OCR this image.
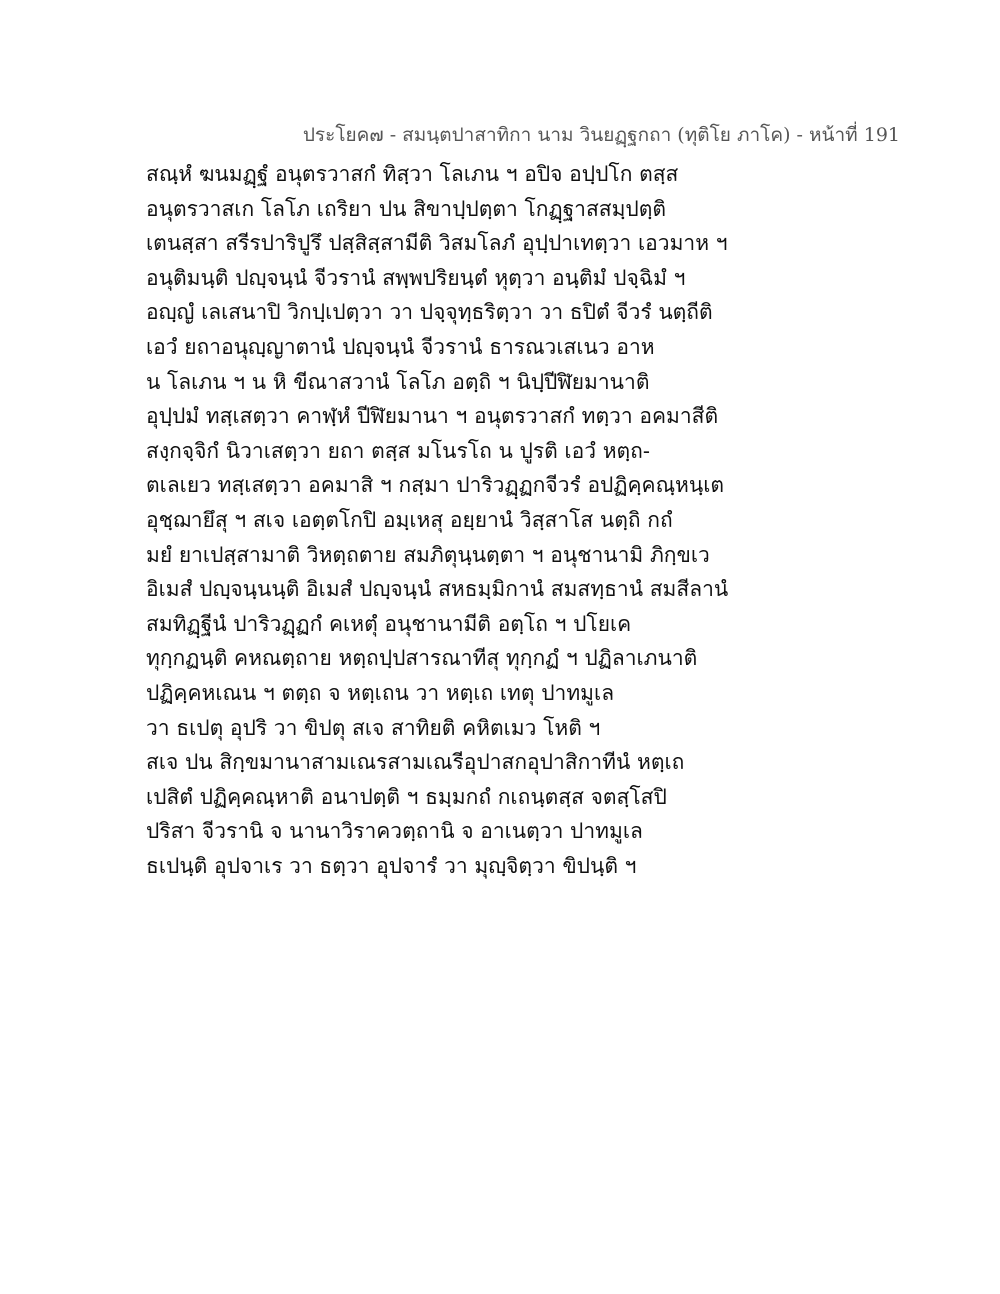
ประโยค๗ - สมนฺตปาสาทิกา นาม วินยฏฺฐกถา (ทุติโย ภาโค) - หน้าที่ 191
สณฺหํ ฆนมฏฺฐํ อนุตรวาสกํ ทิสฺวา โลเภน ฯ อปิจ อปฺปโก ตสฺส
อนุตรวาสเก โลโภ เถริยา ปน สิขาปฺปตฺตา โกฏฺฐาสสมฺปตฺติ
เตนสฺสา สรีรปาริปูรึ ปสฺสิสฺสามีติ วิสมโลภํ อุปฺปาเทตฺวา เอวมาห ฯ
อนุติมนฺติ ปญฺจนฺนํ จีวรานํ สพฺพปริยนฺตํ หุตฺวา อนฺติมํ ปจฺฉิมํ ฯ
อญฺญํ เลเสนาปิ วิกปฺเปตฺวา วา ปจฺจุทฺธริตฺวา วา ธปิตํ จีวรํ นตฺถีติ
เอวํ ยถาอนุญฺญาตานํ ปญฺจนฺนํ จีวรานํ ธารณวเสเนว อาห
น โลเภน ฯ น หิ ขีณาสวานํ โลโภ อตฺถิ ฯ นิปฺปีฬิยมานาติ
อุปฺปมํ ทสฺเสตฺวา คาฬฺหํ ปีฬิยมานา ฯ อนุตรวาสกํ ทตฺวา อคมาสีติ
สงฺกจฺจิกํ นิวาเสตฺวา ยถา ตสฺส มโนรโถ น ปูรติ เอวํ หตฺถ-
ตเลเยว ทสฺเสตฺวา อคมาสิ ฯ กสฺมา ปาริวฏฺฏกจีวรํ อปฏิคฺคณฺหนฺเต
อุชฺฌายึสุ ฯ สเจ เอตฺตโกปิ อมฺเหสุ อยฺยานํ วิสฺสาโส นตฺถิ กถํ
มยํ ยาเปสฺสามาติ วิหตฺถตาย สมภิตุนฺนตฺตา ฯ อนุชานามิ ภิกฺขเว
อิเมสํ ปญฺจนฺนนฺติ อิเมสํ ปญฺจนฺนํ สหธมฺมิกานํ สมสทฺธานํ สมสีลานํ
สมทิฏฺฐีนํ ปาริวฏฺฏกํ คเหตุํ อนุชานามีติ อตฺโถ ฯ ปโยเค
ทุกฺกฏนฺติ คหณตฺถาย หตฺถปฺปสารณาทีสุ ทุกฺกฏํ ฯ ปฏิลาเภนาติ
ปฏิคฺคหเณน ฯ ตตฺถ จ หตฺเถน วา หตฺเถ เทตุ ปาทมูเล
วา ธเปตุ อุปริ วา ขิปตุ สเจ สาทิยติ คหิตเมว โหติ ฯ
สเจ ปน สิกฺขมานาสามเณรสามเณรีอุปาสกอุปาสิกาทีนํ หตฺเถ
เปสิตํ ปฏิคฺคณฺหาติ อนาปตฺติ ฯ ธมฺมกถํ กเถนฺตสฺส จตสฺโสปิ
ปริสา จีวรานิ จ นานาวิราควตฺถานิ จ อาเนตฺวา ปาทมูเล
ธเปนฺติ อุปจาเร วา ธตฺวา อุปจารํ วา มุญฺจิตฺวา ขิปนฺติ ฯ
